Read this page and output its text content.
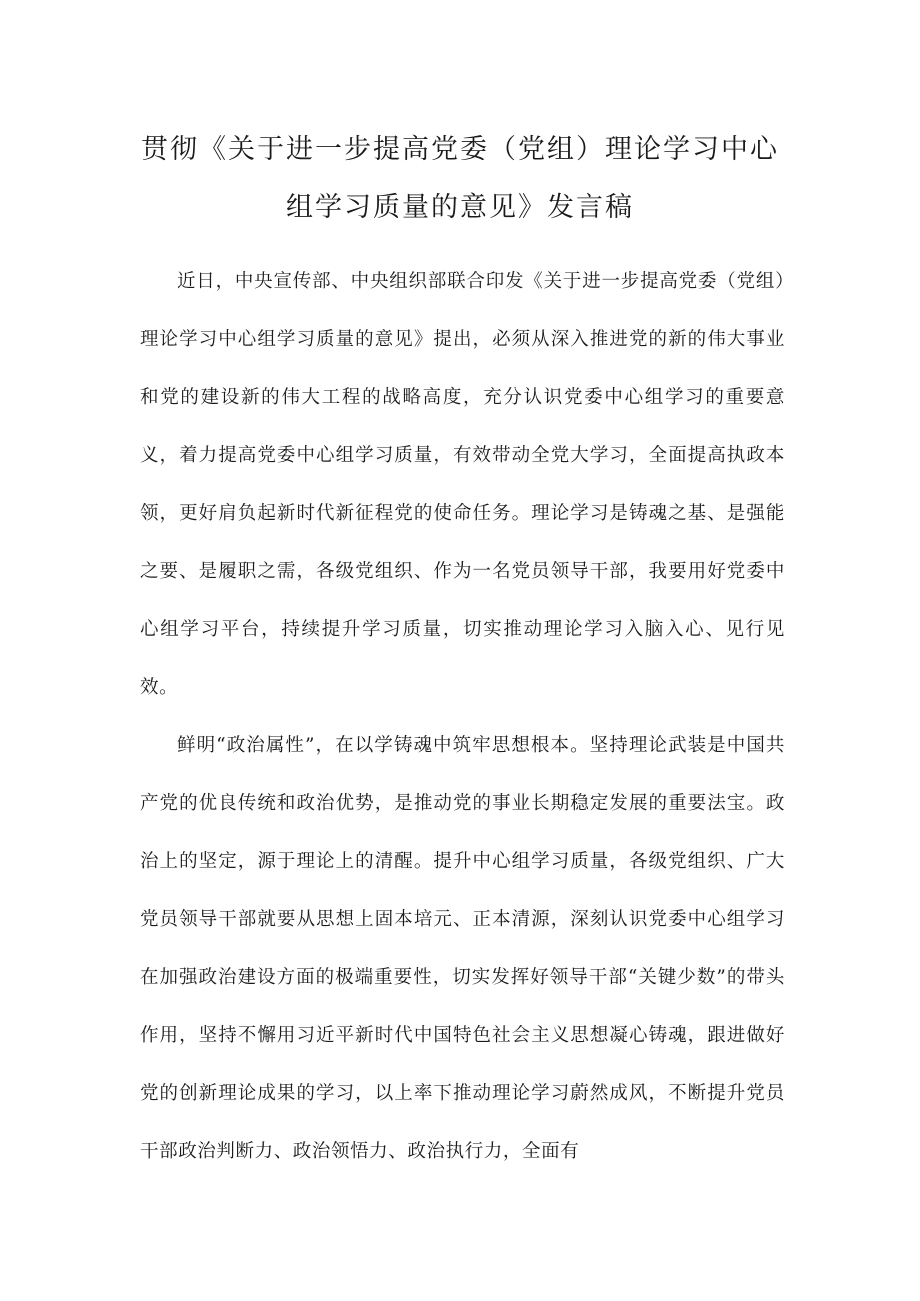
贯彻《关于进一步提高党委（党组）理论学习中心
组学习质量的意见》发言稿

近日，中央宣传部、中央组织部联合印发《关于进一步提高党委（党组）理论学习中心组学习质量的意见》提出，必须从深入推进党的新的伟大事业和党的建设新的伟大工程的战略高度，充分认识党委中心组学习的重要意义，着力提高党委中心组学习质量，有效带动全党大学习，全面提高执政本领，更好肩负起新时代新征程党的使命任务。理论学习是铸魂之基、是强能之要、是履职之需，各级党组织、作为一名党员领导干部，我要用好党委中心组学习平台，持续提升学习质量，切实推动理论学习入脑入心、见行见效。

鲜明“政治属性”，在以学铸魂中筑牢思想根本。坚持理论武装是中国共产党的优良传统和政治优势，是推动党的事业长期稳定发展的重要法宝。政治上的坚定，源于理论上的清醒。提升中心组学习质量，各级党组织、广大党员领导干部就要从思想上固本培元、正本清源，深刻认识党委中心组学习在加强政治建设方面的极端重要性，切实发挥好领导干部“关键少数”的带头作用，坚持不懈用习近平新时代中国特色社会主义思想凝心铸魂，跟进做好党的创新理论成果的学习，以上率下推动理论学习蔚然成风，不断提升党员干部政治判断力、政治领悟力、政治执行力，全面有
